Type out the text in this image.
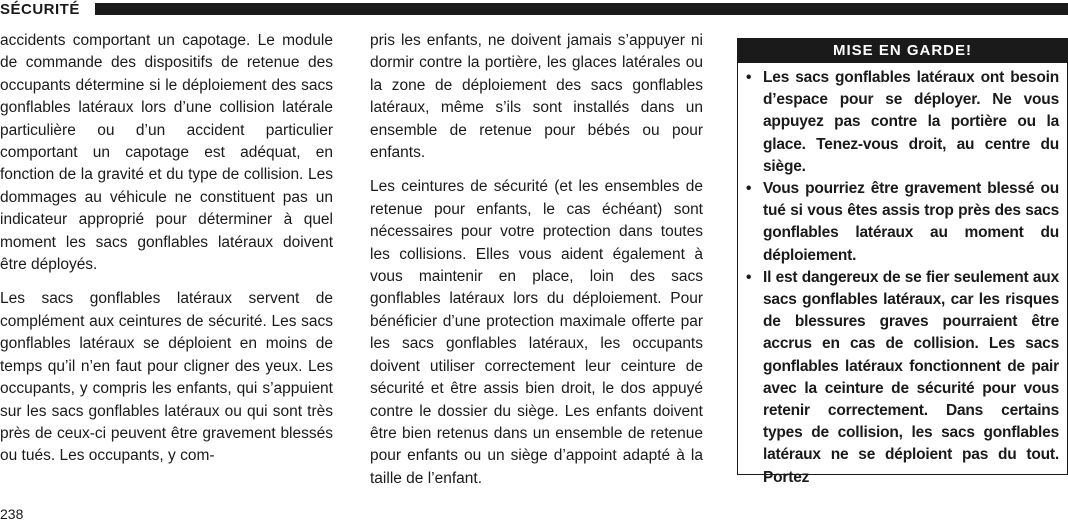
SÉCURITÉ

accidents comportant un capotage. Le module de commande des dispositifs de retenue des occupants détermine si le déploiement des sacs gonflables latéraux lors d’une collision latérale particulière ou d’un accident particulier comportant un capotage est adéquat, en fonction de la gravité et du type de collision. Les dommages au véhicule ne constituent pas un indicateur approprié pour déterminer à quel moment les sacs gonflables latéraux doivent être déployés.

Les sacs gonflables latéraux servent de complément aux ceintures de sécurité. Les sacs gonflables latéraux se déploient en moins de temps qu’il n’en faut pour cligner des yeux. Les occupants, y compris les enfants, qui s’appuient sur les sacs gonflables latéraux ou qui sont très près de ceux-ci peuvent être gravement blessés ou tués. Les occupants, y com-

pris les enfants, ne doivent jamais s’appuyer ni dormir contre la portière, les glaces latérales ou la zone de déploiement des sacs gonflables latéraux, même s’ils sont installés dans un ensemble de retenue pour bébés ou pour enfants.

Les ceintures de sécurité (et les ensembles de retenue pour enfants, le cas échéant) sont nécessaires pour votre protection dans toutes les collisions. Elles vous aident également à vous maintenir en place, loin des sacs gonflables latéraux lors du déploiement. Pour bénéficier d’une protection maximale offerte par les sacs gonflables latéraux, les occupants doivent utiliser correctement leur ceinture de sécurité et être assis bien droit, le dos appuyé contre le dossier du siège. Les enfants doivent être bien retenus dans un ensemble de retenue pour enfants ou un siège d’appoint adapté à la taille de l’enfant.

MISE EN GARDE!
• Les sacs gonflables latéraux ont besoin d’espace pour se déployer. Ne vous appuyez pas contre la portière ou la glace. Tenez-vous droit, au centre du siège.
• Vous pourriez être gravement blessé ou tué si vous êtes assis trop près des sacs gonflables latéraux au moment du déploiement.
• Il est dangereux de se fier seulement aux sacs gonflables latéraux, car les risques de blessures graves pourraient être accrus en cas de collision. Les sacs gonflables latéraux fonctionnent de pair avec la ceinture de sécurité pour vous retenir correctement. Dans certains types de collision, les sacs gonflables latéraux ne se déploient pas du tout. Portez
238
